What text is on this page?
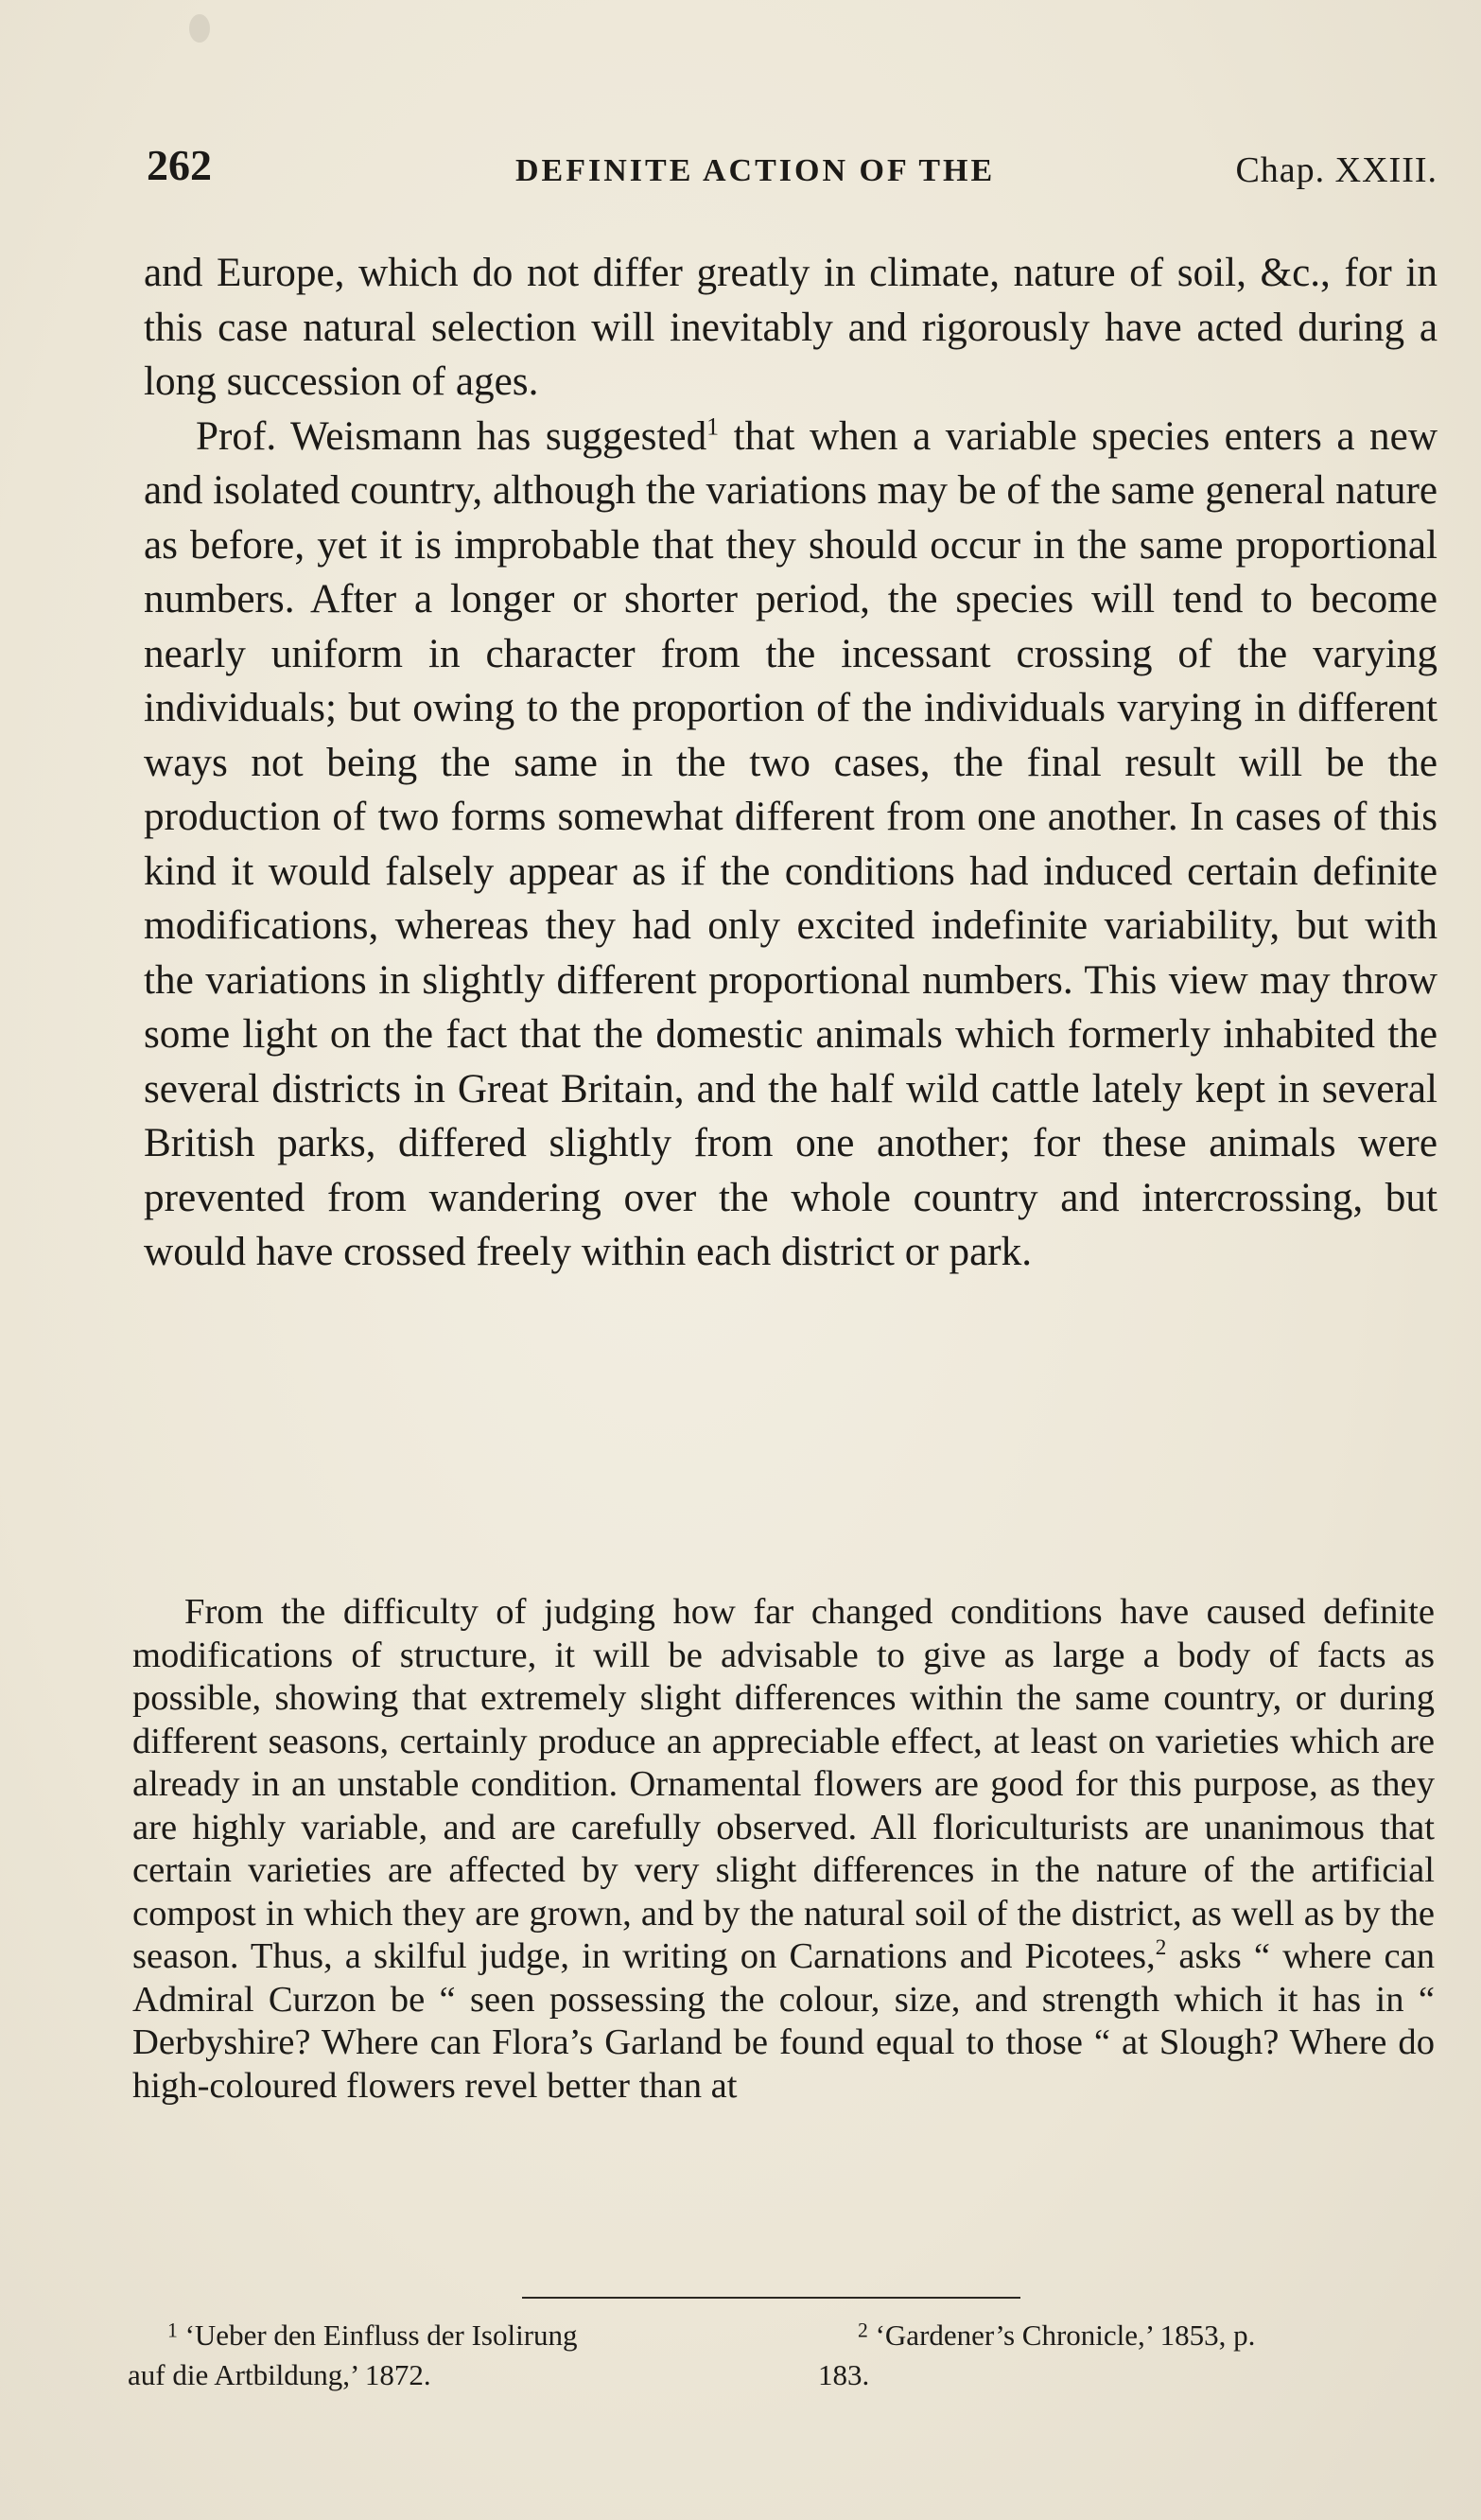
262	DEFINITE ACTION OF THE	Chap. XXIII.

and Europe, which do not differ greatly in climate, nature of soil, &c., for in this case natural selection will inevitably and rigorously have acted during a long succession of ages.

Prof. Weismann has suggested$^1$ that when a variable species enters a new and isolated country, although the variations may be of the same general nature as before, yet it is improbable that they should occur in the same proportional numbers. After a longer or shorter period, the species will tend to become nearly uniform in character from the incessant crossing of the varying individuals; but owing to the proportion of the individuals varying in different ways not being the same in the two cases, the final result will be the production of two forms somewhat different from one another. In cases of this kind it would falsely appear as if the conditions had induced certain definite modifications, whereas they had only excited indefinite variability, but with the variations in slightly different proportional numbers. This view may throw some light on the fact that the domestic animals which formerly inhabited the several districts in Great Britain, and the half wild cattle lately kept in several British parks, differed slightly from one another; for these animals were prevented from wandering over the whole country and intercrossing, but would have crossed freely within each district or park.

From the difficulty of judging how far changed conditions have caused definite modifications of structure, it will be advisable to give as large a body of facts as possible, showing that extremely slight differences within the same country, or during different seasons, certainly produce an appreciable effect, at least on varieties which are already in an unstable condition. Ornamental flowers are good for this purpose, as they are highly variable, and are carefully observed. All floriculturists are unanimous that certain varieties are affected by very slight differences in the nature of the artificial compost in which they are grown, and by the natural soil of the district, as well as by the season. Thus, a skilful judge, in writing on Carnations and Picotees,$^2$ asks “ where can Admiral Curzon be “ seen possessing the colour, size, and strength which it has in “ Derbyshire? Where can Flora’s Garland be found equal to those “ at Slough? Where do high-coloured flowers revel better than at

$^1$ ‘Ueber den Einfluss der Isolirung
auf die Artbildung,’ 1872.
$^2$ ‘Gardener’s Chronicle,’ 1853, p.
183.
